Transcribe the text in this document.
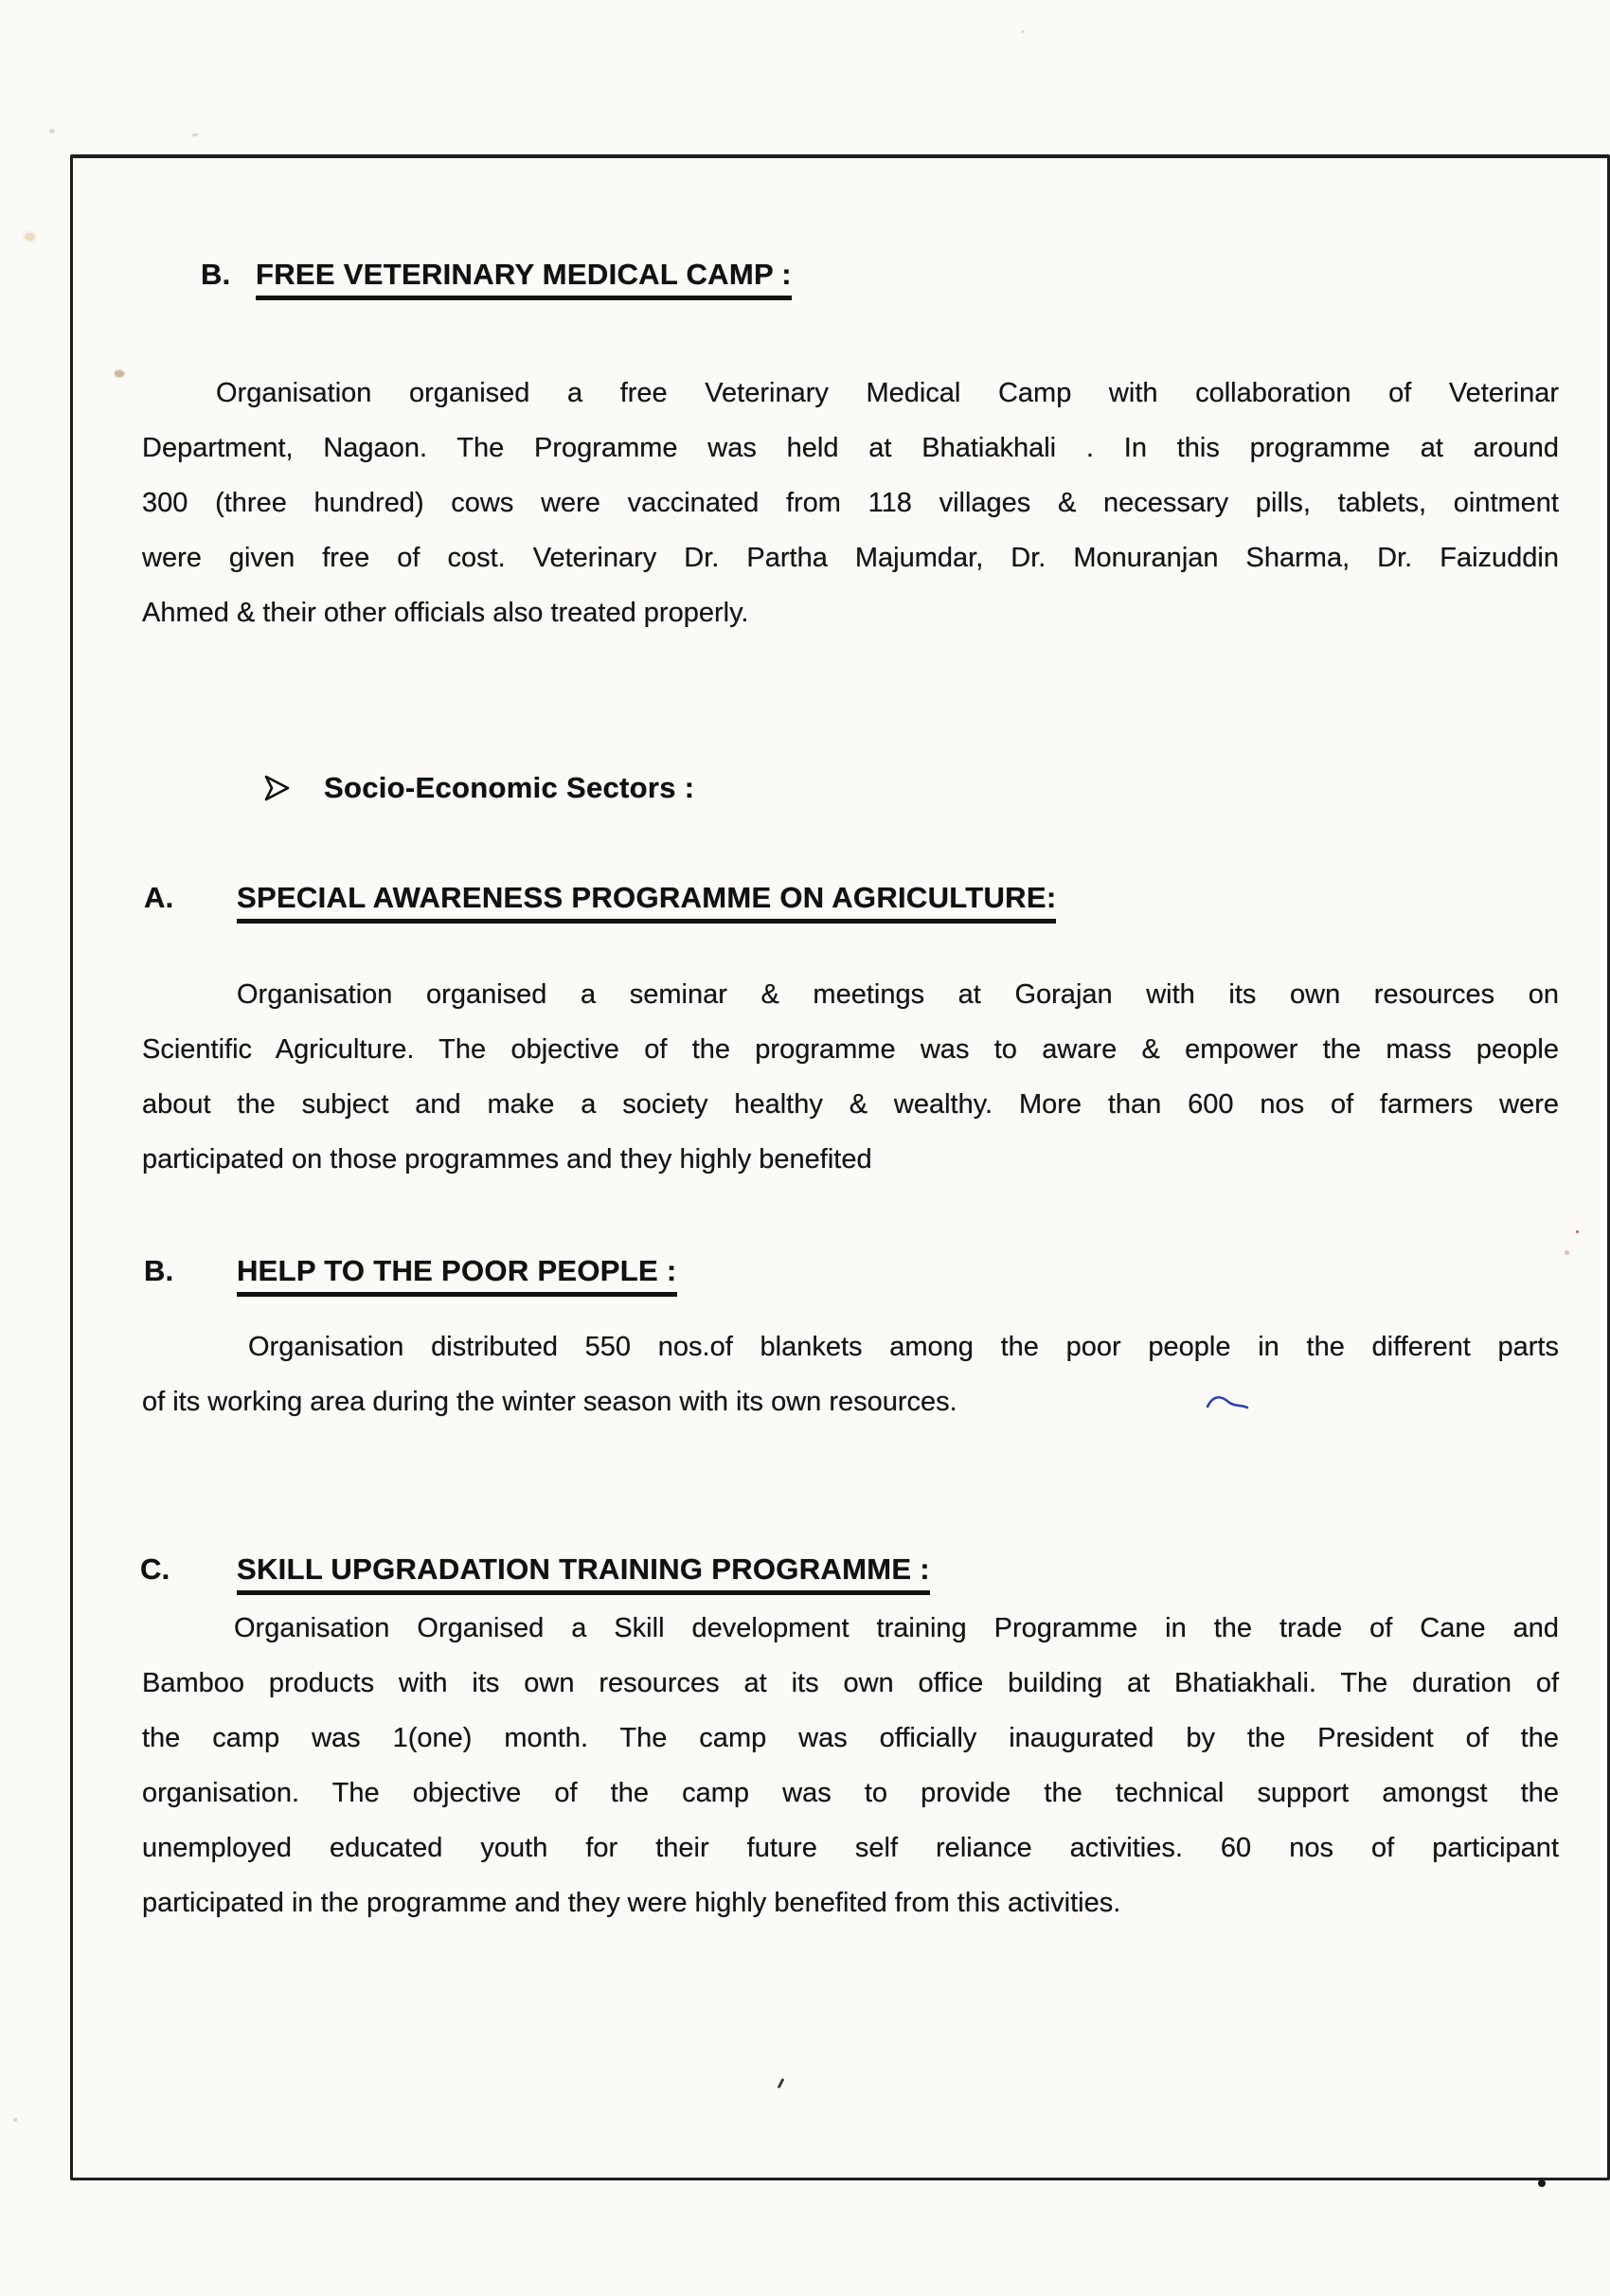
B. FREE VETERINARY MEDICAL CAMP :
Organisation organised a free Veterinary Medical Camp with collaboration of Veterinar
Department, Nagaon. The Programme was held at Bhatiakhali . In this programme at around
300 (three hundred) cows were vaccinated from 118 villages & necessary pills, tablets, ointment
were given free of cost. Veterinary Dr. Partha Majumdar, Dr. Monuranjan Sharma, Dr. Faizuddin
Ahmed & their other officials also treated properly.
Socio-Economic Sectors :
A.	SPECIAL AWARENESS PROGRAMME ON AGRICULTURE:
Organisation organised a seminar & meetings at Gorajan with its own resources on
Scientific Agriculture. The objective of the programme was to aware & empower the mass people
about the subject and make a society healthy & wealthy. More than 600 nos of farmers were
participated on those programmes and they highly benefited
B.	HELP TO THE POOR PEOPLE :
Organisation distributed 550 nos.of blankets among the poor people in the different parts
of its working area during the winter season with its own resources.
C.	SKILL UPGRADATION TRAINING PROGRAMME :
Organisation Organised a Skill development training Programme in the trade of Cane and
Bamboo products with its own resources at its own office building at Bhatiakhali. The duration of
the camp was 1(one) month. The camp was officially inaugurated by the President of the
organisation. The objective of the camp was to provide the technical support amongst the
unemployed educated youth for their future self reliance activities. 60 nos of participant
participated in the programme and they were highly benefited from this activities.
